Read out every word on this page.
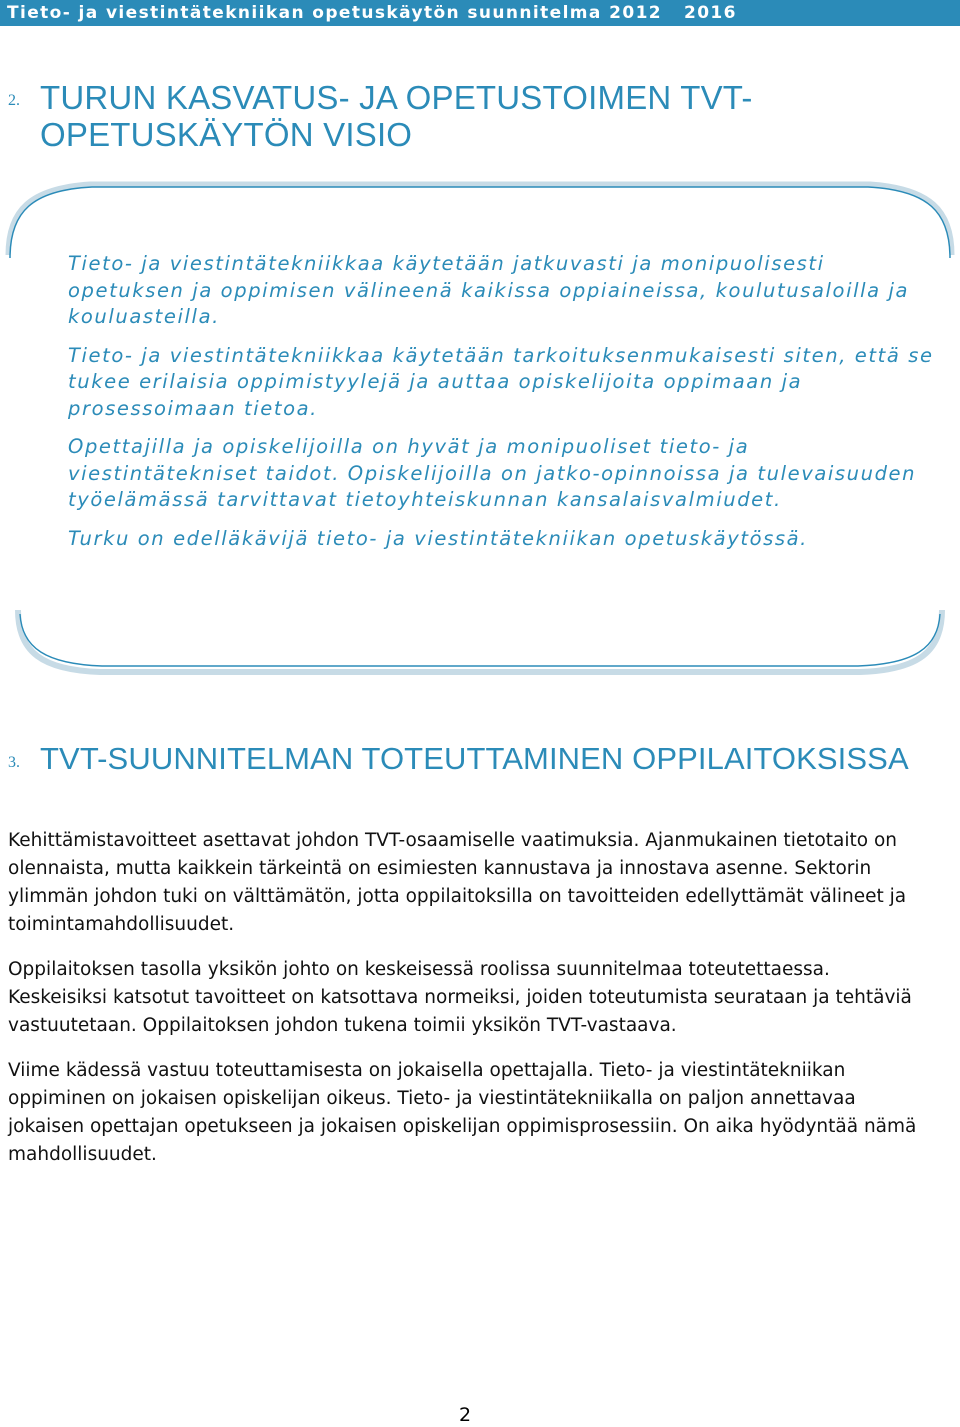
Tieto- ja viestintätekniikan opetuskäytön suunnitelma 2012   2016
2. TURUN KASVATUS- JA OPETUSTOIMEN TVT-
OPETUSKÄYTÖN VISIO

Tieto- ja viestintätekniikkaa käytetään jatkuvasti ja monipuolisesti opetuksen ja oppimisen välineenä kaikissa oppiaineissa, koulutusaloilla ja kouluasteilla.

Tieto- ja viestintätekniikkaa käytetään tarkoituksenmukaisesti siten, että se tukee erilaisia oppimistyylejä ja auttaa opiskelijoita oppimaan ja prosessoimaan tietoa.

Opettajilla ja opiskelijoilla on hyvät ja monipuoliset tieto- ja viestintätekniset taidot. Opiskelijoilla on jatko-opinnoissa ja tulevaisuuden työelämässä tarvittavat tietoyhteiskunnan kansalaisvalmiudet.

Turku on edelläkävijä tieto- ja viestintätekniikan opetuskäytössä.

3. TVT-SUUNNITELMAN TOTEUTTAMINEN OPPILAITOKSISSA

Kehittämistavoitteet asettavat johdon TVT-osaamiselle vaatimuksia. Ajanmukainen tietotaito on olennaista, mutta kaikkein tärkeintä on esimiesten kannustava ja innostava asenne. Sektorin ylimmän johdon tuki on välttämätön, jotta oppilaitoksilla on tavoitteiden edellyttämät välineet ja toimintamahdollisuudet.

Oppilaitoksen tasolla yksikön johto on keskeisessä roolissa suunnitelmaa toteutettaessa. Keskeisiksi katsotut tavoitteet on katsottava normeiksi, joiden toteutumista seurataan ja tehtäviä vastuutetaan. Oppilaitoksen johdon tukena toimii yksikön TVT-vastaava.

Viime kädessä vastuu toteuttamisesta on jokaisella opettajalla. Tieto- ja viestintätekniikan oppiminen on jokaisen opiskelijan oikeus. Tieto- ja viestintätekniikalla on paljon annettavaa jokaisen opettajan opetukseen ja jokaisen opiskelijan oppimisprosessiin. On aika hyödyntää nämä mahdollisuudet.

2
